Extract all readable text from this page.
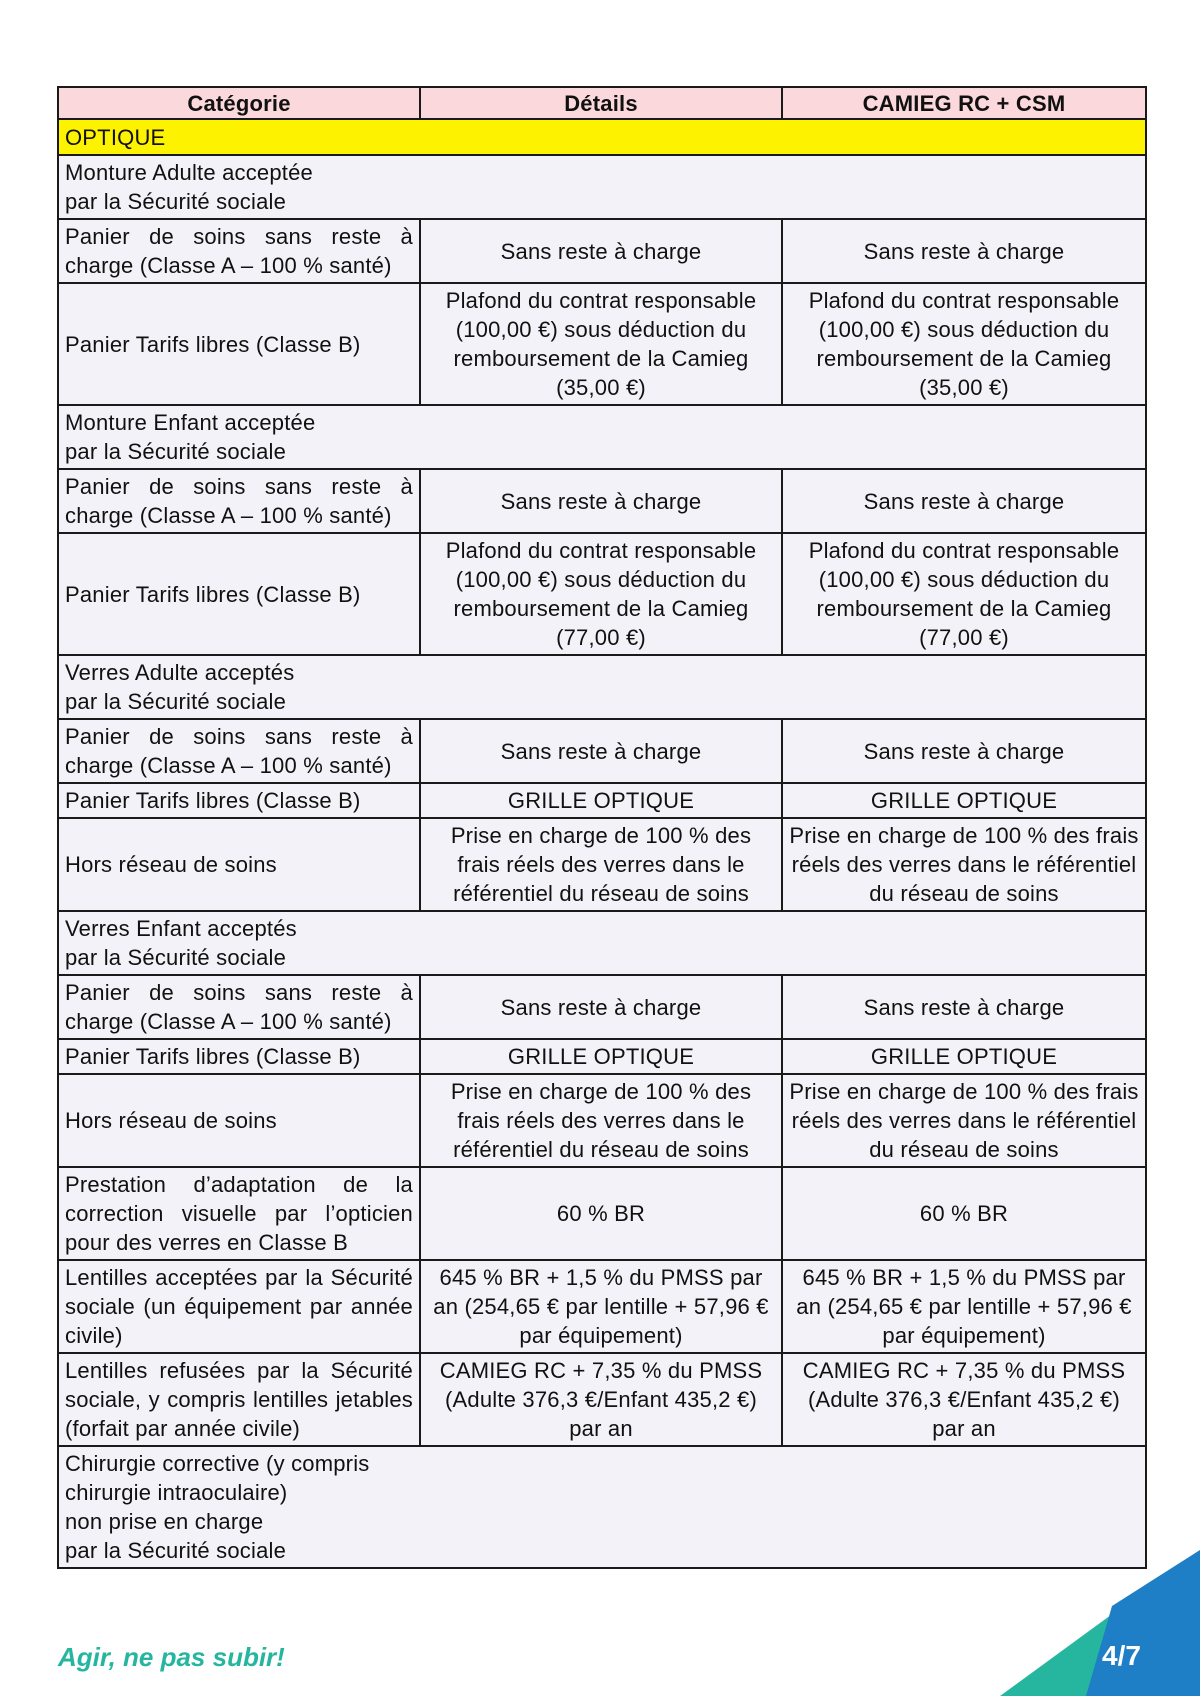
Catégorie	Détails	CAMIEG RC + CSM
OPTIQUE		
Monture Adulte acceptée
par la Sécurité sociale		
Panier de soins sans reste à charge (Classe A – 100 % santé)	Sans reste à charge	Sans reste à charge
Panier Tarifs libres (Classe B)	Plafond du contrat responsable (100,00 €) sous déduction du remboursement de la Camieg (35,00 €)	Plafond du contrat responsable (100,00 €) sous déduction du remboursement de la Camieg (35,00 €)
Monture Enfant acceptée
par la Sécurité sociale		
Panier de soins sans reste à charge (Classe A – 100 % santé)	Sans reste à charge	Sans reste à charge
Panier Tarifs libres (Classe B)	Plafond du contrat responsable (100,00 €) sous déduction du remboursement de la Camieg (77,00 €)	Plafond du contrat responsable (100,00 €) sous déduction du remboursement de la Camieg (77,00 €)
Verres Adulte acceptés
par la Sécurité sociale		
Panier de soins sans reste à charge (Classe A – 100 % santé)	Sans reste à charge	Sans reste à charge
Panier Tarifs libres (Classe B)	GRILLE OPTIQUE	GRILLE OPTIQUE
Hors réseau de soins	Prise en charge de 100 % des frais réels des verres dans le référentiel du réseau de soins	Prise en charge de 100 % des frais réels des verres dans le référentiel du réseau de soins
Verres Enfant acceptés
par la Sécurité sociale		
Panier de soins sans reste à charge (Classe A – 100 % santé)	Sans reste à charge	Sans reste à charge
Panier Tarifs libres (Classe B)	GRILLE OPTIQUE	GRILLE OPTIQUE
Hors réseau de soins	Prise en charge de 100 % des frais réels des verres dans le référentiel du réseau de soins	Prise en charge de 100 % des frais réels des verres dans le référentiel du réseau de soins
Prestation d’adaptation de la correction visuelle par l’opticien pour des verres en Classe B	60 % BR	60 % BR
Lentilles acceptées par la Sécurité sociale (un équipement par année civile)	645 % BR + 1,5 % du PMSS par an (254,65 € par lentille + 57,96 € par équipement)	645 % BR + 1,5 % du PMSS par an (254,65 € par lentille + 57,96 € par équipement)
Lentilles refusées par la Sécurité sociale, y compris lentilles jetables (forfait par année civile)	CAMIEG RC + 7,35 % du PMSS (Adulte 376,3 €/Enfant 435,2 €) par an	CAMIEG RC + 7,35 % du PMSS (Adulte 376,3 €/Enfant 435,2 €) par an
Chirurgie corrective (y compris
chirurgie intraoculaire)
non prise en charge
par la Sécurité sociale		
Agir, ne pas subir!	4/7
